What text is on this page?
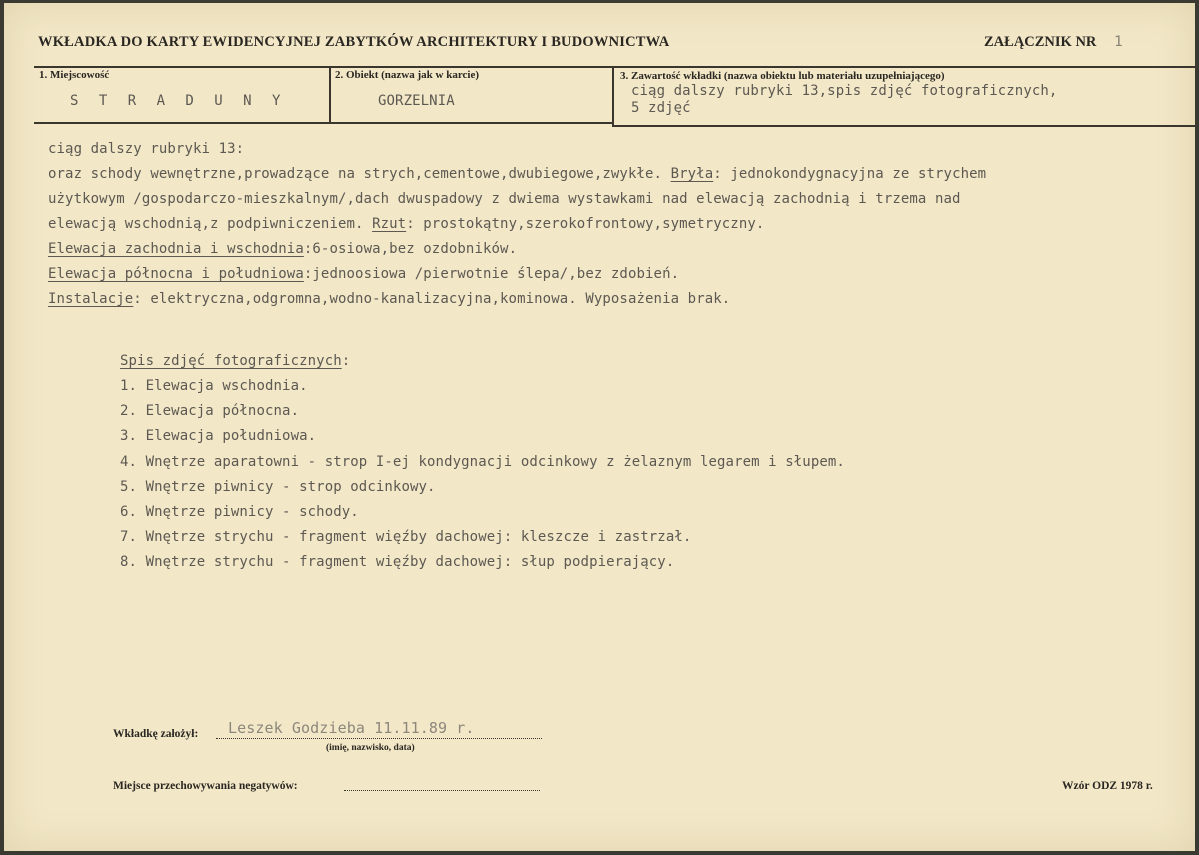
WKŁADKA DO KARTY EWIDENCYJNEJ ZABYTKÓW ARCHITEKTURY I BUDOWNICTWA	ZAŁĄCZNIK NR 1
1. Miejscowość
S T R A D U N Y
2. Obiekt (nazwa jak w karcie)
GORZELNIA
3. Zawartość wkładki (nazwa obiektu lub materiału uzupełniającego)
ciąg dalszy rubryki 13,spis zdjęć fotograficznych,
5 zdjęć
ciąg dalszy rubryki 13:
oraz schody wewnętrzne,prowadzące na strych,cementowe,dwubiegowe,zwykłe. Bryła: jednokondygnacyjna ze strychem
użytkowym /gospodarczo-mieszkalnym/,dach dwuspadowy z dwiema wystawkami nad elewacją zachodnią i trzema nad
elewacją wschodnią,z podpiwniczeniem. Rzut: prostokątny,szerokofrontowy,symetryczny.
Elewacja zachodnia i wschodnia:6-osiowa,bez ozdobników.
Elewacja północna i południowa:jednoosiowa /pierwotnie ślepa/,bez zdobień.
Instalacje: elektryczna,odgromna,wodno-kanalizacyjna,kominowa. Wyposażenia brak.
Spis zdjęć fotograficznych:
1. Elewacja wschodnia.
2. Elewacja północna.
3. Elewacja południowa.
4. Wnętrze aparatowni - strop I-ej kondygnacji odcinkowy z żelaznym legarem i słupem.
5. Wnętrze piwnicy - strop odcinkowy.
6. Wnętrze piwnicy - schody.
7. Wnętrze strychu - fragment więźby dachowej: kleszcze i zastrzał.
8. Wnętrze strychu - fragment więźby dachowej: słup podpierający.
Wkładkę założył: Leszek Godzieba 11.11.89 r.
(imię, nazwisko, data)
Miejsce przechowywania negatywów:	Wzór ODZ 1978 r.
